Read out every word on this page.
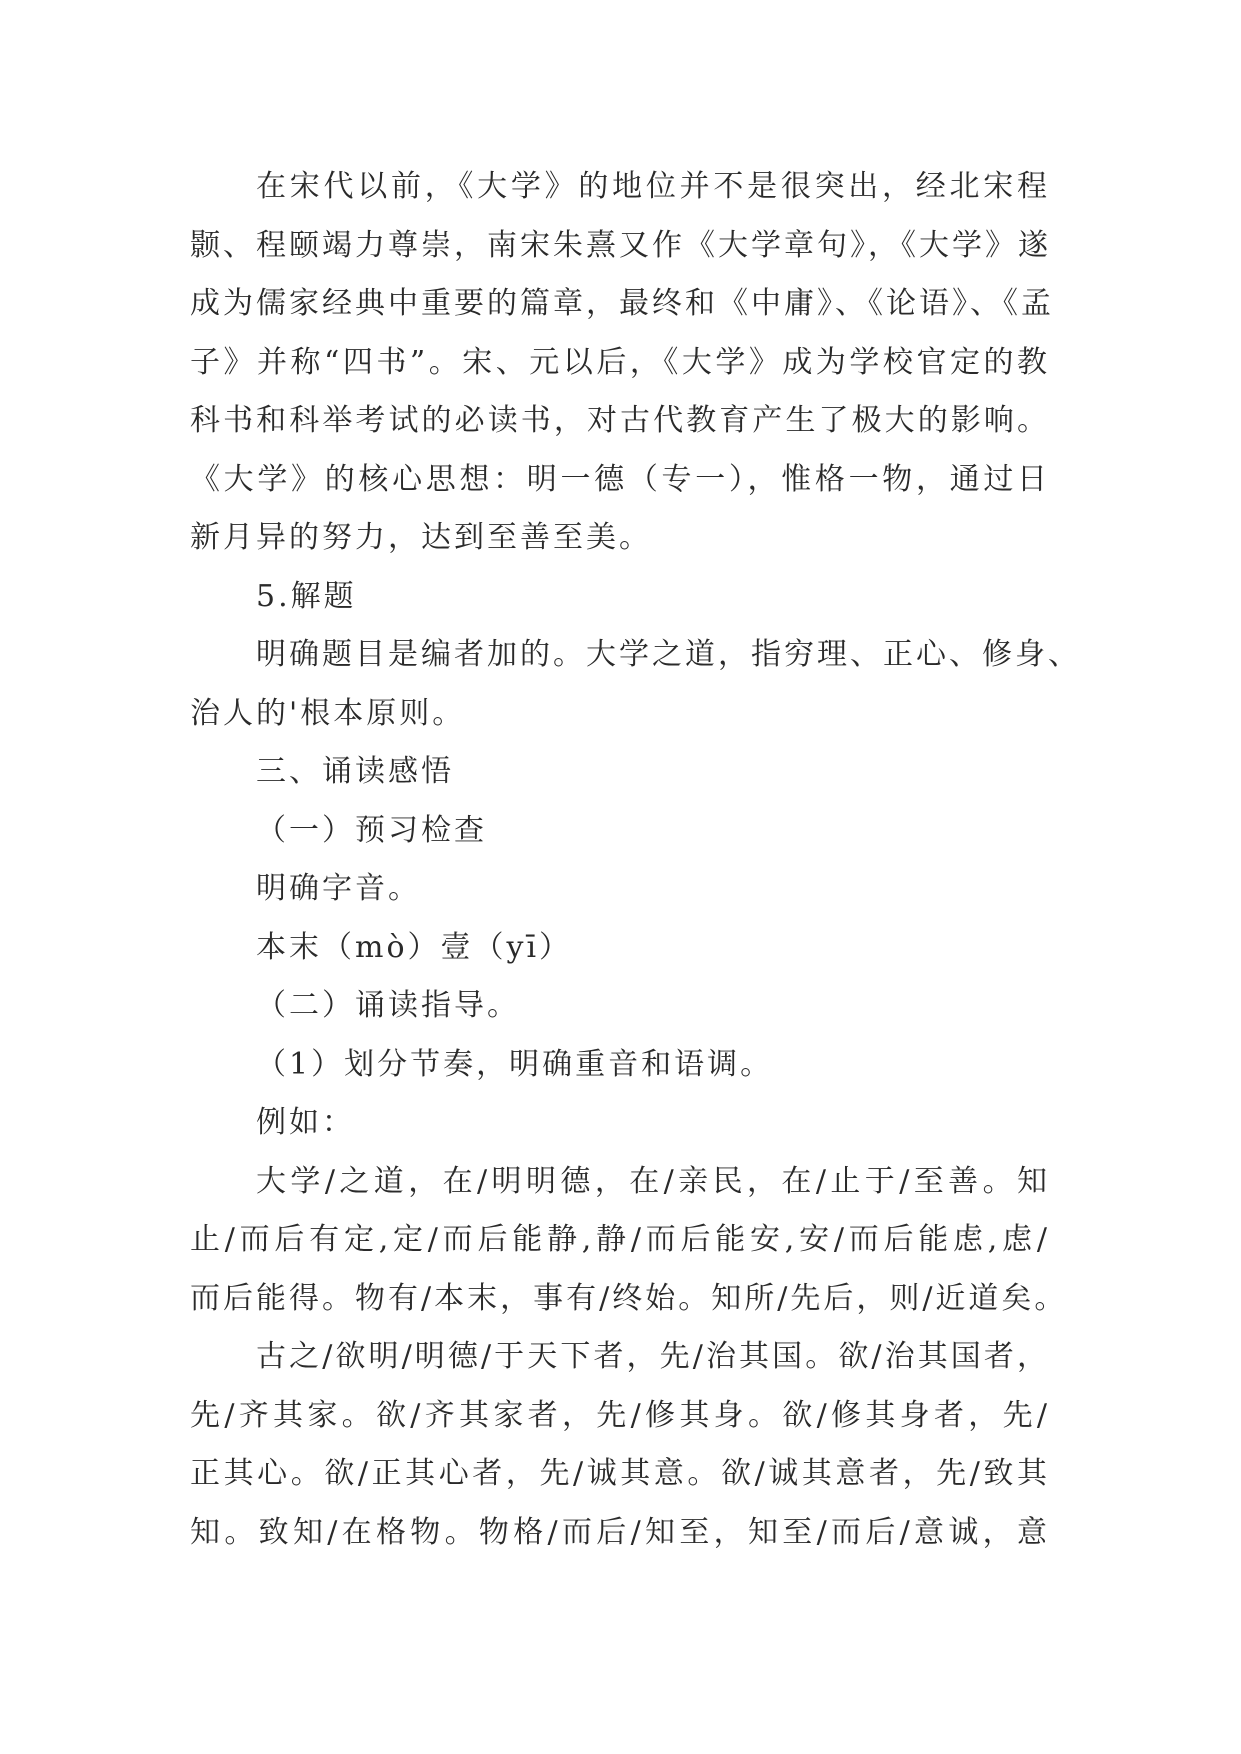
在宋代以前，《大学》的地位并不是很突出，经北宋程
颢、程颐竭力尊崇，南宋朱熹又作《大学章句》，《大学》遂
成为儒家经典中重要的篇章，最终和《中庸》、《论语》、《孟
子》并称“四书”。宋、元以后，《大学》成为学校官定的教
科书和科举考试的必读书，对古代教育产生了极大的影响。
《大学》的核心思想：明一德（专一），惟格一物，通过日
新月异的努力，达到至善至美。
5.解题
明确题目是编者加的。大学之道，指穷理、正心、修身、
治人的'根本原则。
三、诵读感悟
（一）预习检查
明确字音。
本末（mò）壹（yī）
（二）诵读指导。
（1）划分节奏，明确重音和语调。
例如：
大学/之道，在/明明德，在/亲民，在/止于/至善。知
止/而后有定,定/而后能静,静/而后能安,安/而后能虑,虑/
而后能得。物有/本末，事有/终始。知所/先后，则/近道矣。
古之/欲明/明德/于天下者，先/治其国。欲/治其国者，
先/齐其家。欲/齐其家者，先/修其身。欲/修其身者，先/
正其心。欲/正其心者，先/诚其意。欲/诚其意者，先/致其
知。致知/在格物。物格/而后/知至，知至/而后/意诚，意
